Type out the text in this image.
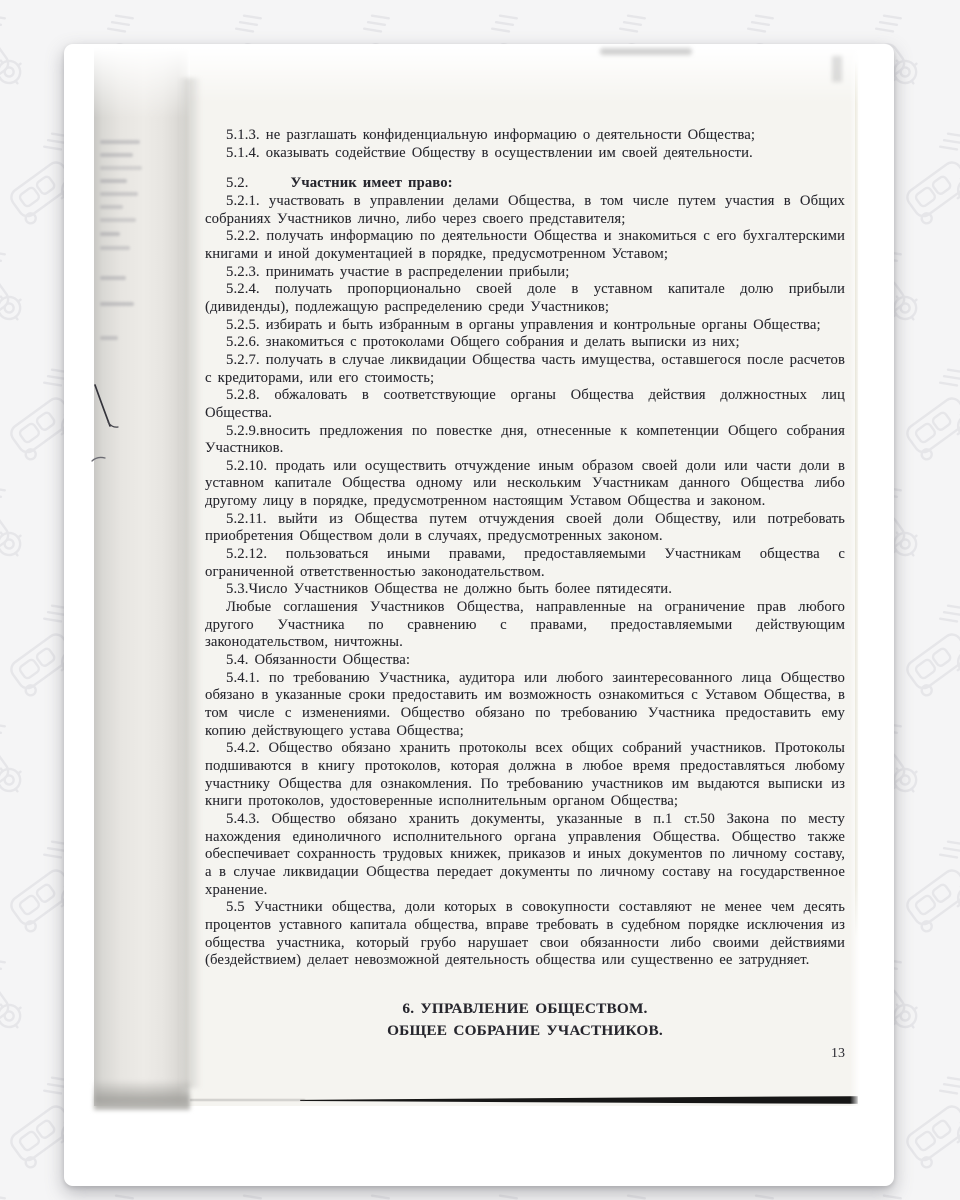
5.1.3. не разглашать конфиденциальную информацию о деятельности Общества;

5.1.4. оказывать содействие Обществу в осуществлении им своей деятельности.

5.2.	Участник имеет право:

5.2.1. участвовать в управлении делами Общества, в том числе путем участия в Общих собраниях Участников лично, либо через своего представителя;

5.2.2. получать информацию по деятельности Общества и знакомиться с его бухгалтерскими книгами и иной документацией в порядке, предусмотренном Уставом;

5.2.3. принимать участие в распределении прибыли;

5.2.4. получать пропорционально своей доле в уставном капитале долю прибыли (дивиденды), подлежащую распределению среди Участников;

5.2.5. избирать и быть избранным в органы управления и контрольные органы Общества;

5.2.6. знакомиться с протоколами Общего собрания и делать выписки из них;

5.2.7. получать в случае ликвидации Общества часть имущества, оставшегося после расчетов с кредиторами, или его стоимость;

5.2.8. обжаловать в соответствующие органы Общества действия должностных лиц Общества.

5.2.9.вносить предложения по повестке дня, отнесенные к компетенции Общего собрания Участников.

5.2.10. продать или осуществить отчуждение иным образом своей доли или части доли в уставном капитале Общества одному или нескольким Участникам данного Общества либо другому лицу в порядке, предусмотренном настоящим Уставом Общества и законом.

5.2.11. выйти из Общества путем отчуждения своей доли Обществу, или потребовать приобретения Обществом доли в случаях, предусмотренных законом.

5.2.12. пользоваться иными правами, предоставляемыми Участникам общества с ограниченной ответственностью законодательством.

5.3.Число Участников Общества не должно быть более пятидесяти.

Любые соглашения Участников Общества, направленные на ограничение прав любого другого Участника по сравнению с правами, предоставляемыми действующим законодательством, ничтожны.

5.4. Обязанности Общества:

5.4.1. по требованию Участника, аудитора или любого заинтересованного лица Общество обязано в указанные сроки предоставить им возможность ознакомиться с Уставом Общества, в том числе с изменениями. Общество обязано по требованию Участника предоставить ему копию действующего устава Общества;

5.4.2. Общество обязано хранить протоколы всех общих собраний участников. Протоколы подшиваются в книгу протоколов, которая должна в любое время предоставляться любому участнику Общества для ознакомления. По требованию участников им выдаются выписки из книги протоколов, удостоверенные исполнительным органом Общества;

5.4.3. Общество обязано хранить документы, указанные в п.1 ст.50 Закона по месту нахождения единоличного исполнительного органа управления Общества. Общество также обеспечивает сохранность трудовых книжек, приказов и иных документов по личному составу, а в случае ликвидации Общества передает документы по личному составу на государственное хранение.

5.5 Участники общества, доли которых в совокупности составляют не менее чем десять процентов уставного капитала общества, вправе требовать в судебном порядке исключения из общества участника, который грубо нарушает свои обязанности либо своими действиями (бездействием) делает невозможной деятельность общества или существенно ее затрудняет.

6. УПРАВЛЕНИЕ ОБЩЕСТВОМ.
ОБЩЕЕ СОБРАНИЕ УЧАСТНИКОВ.
13
